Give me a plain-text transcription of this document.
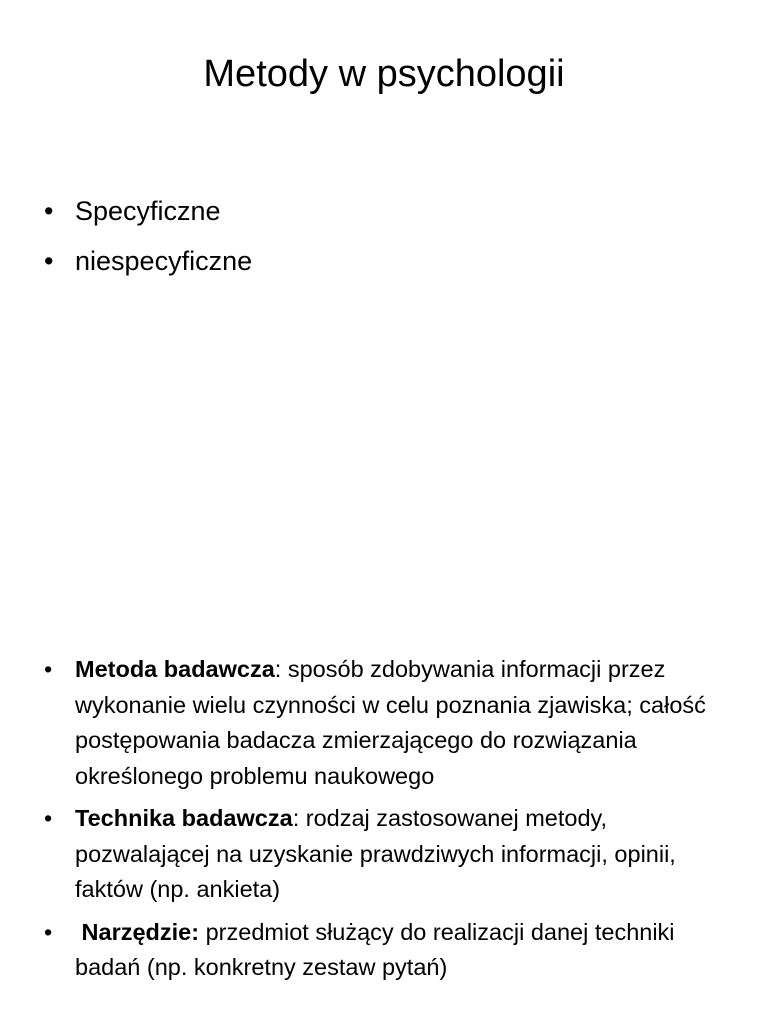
Metody w psychologii
• Specyficzne
• niespecyficzne
• Metoda badawcza: sposób zdobywania informacji przez wykonanie wielu czynności w celu poznania zjawiska; całość postępowania badacza zmierzającego do rozwiązania określonego problemu naukowego
• Technika badawcza: rodzaj zastosowanej metody, pozwalającej na uzyskanie prawdziwych informacji, opinii, faktów (np. ankieta)
• Narzędzie: przedmiot służący do realizacji danej techniki badań (np. konkretny zestaw pytań)
